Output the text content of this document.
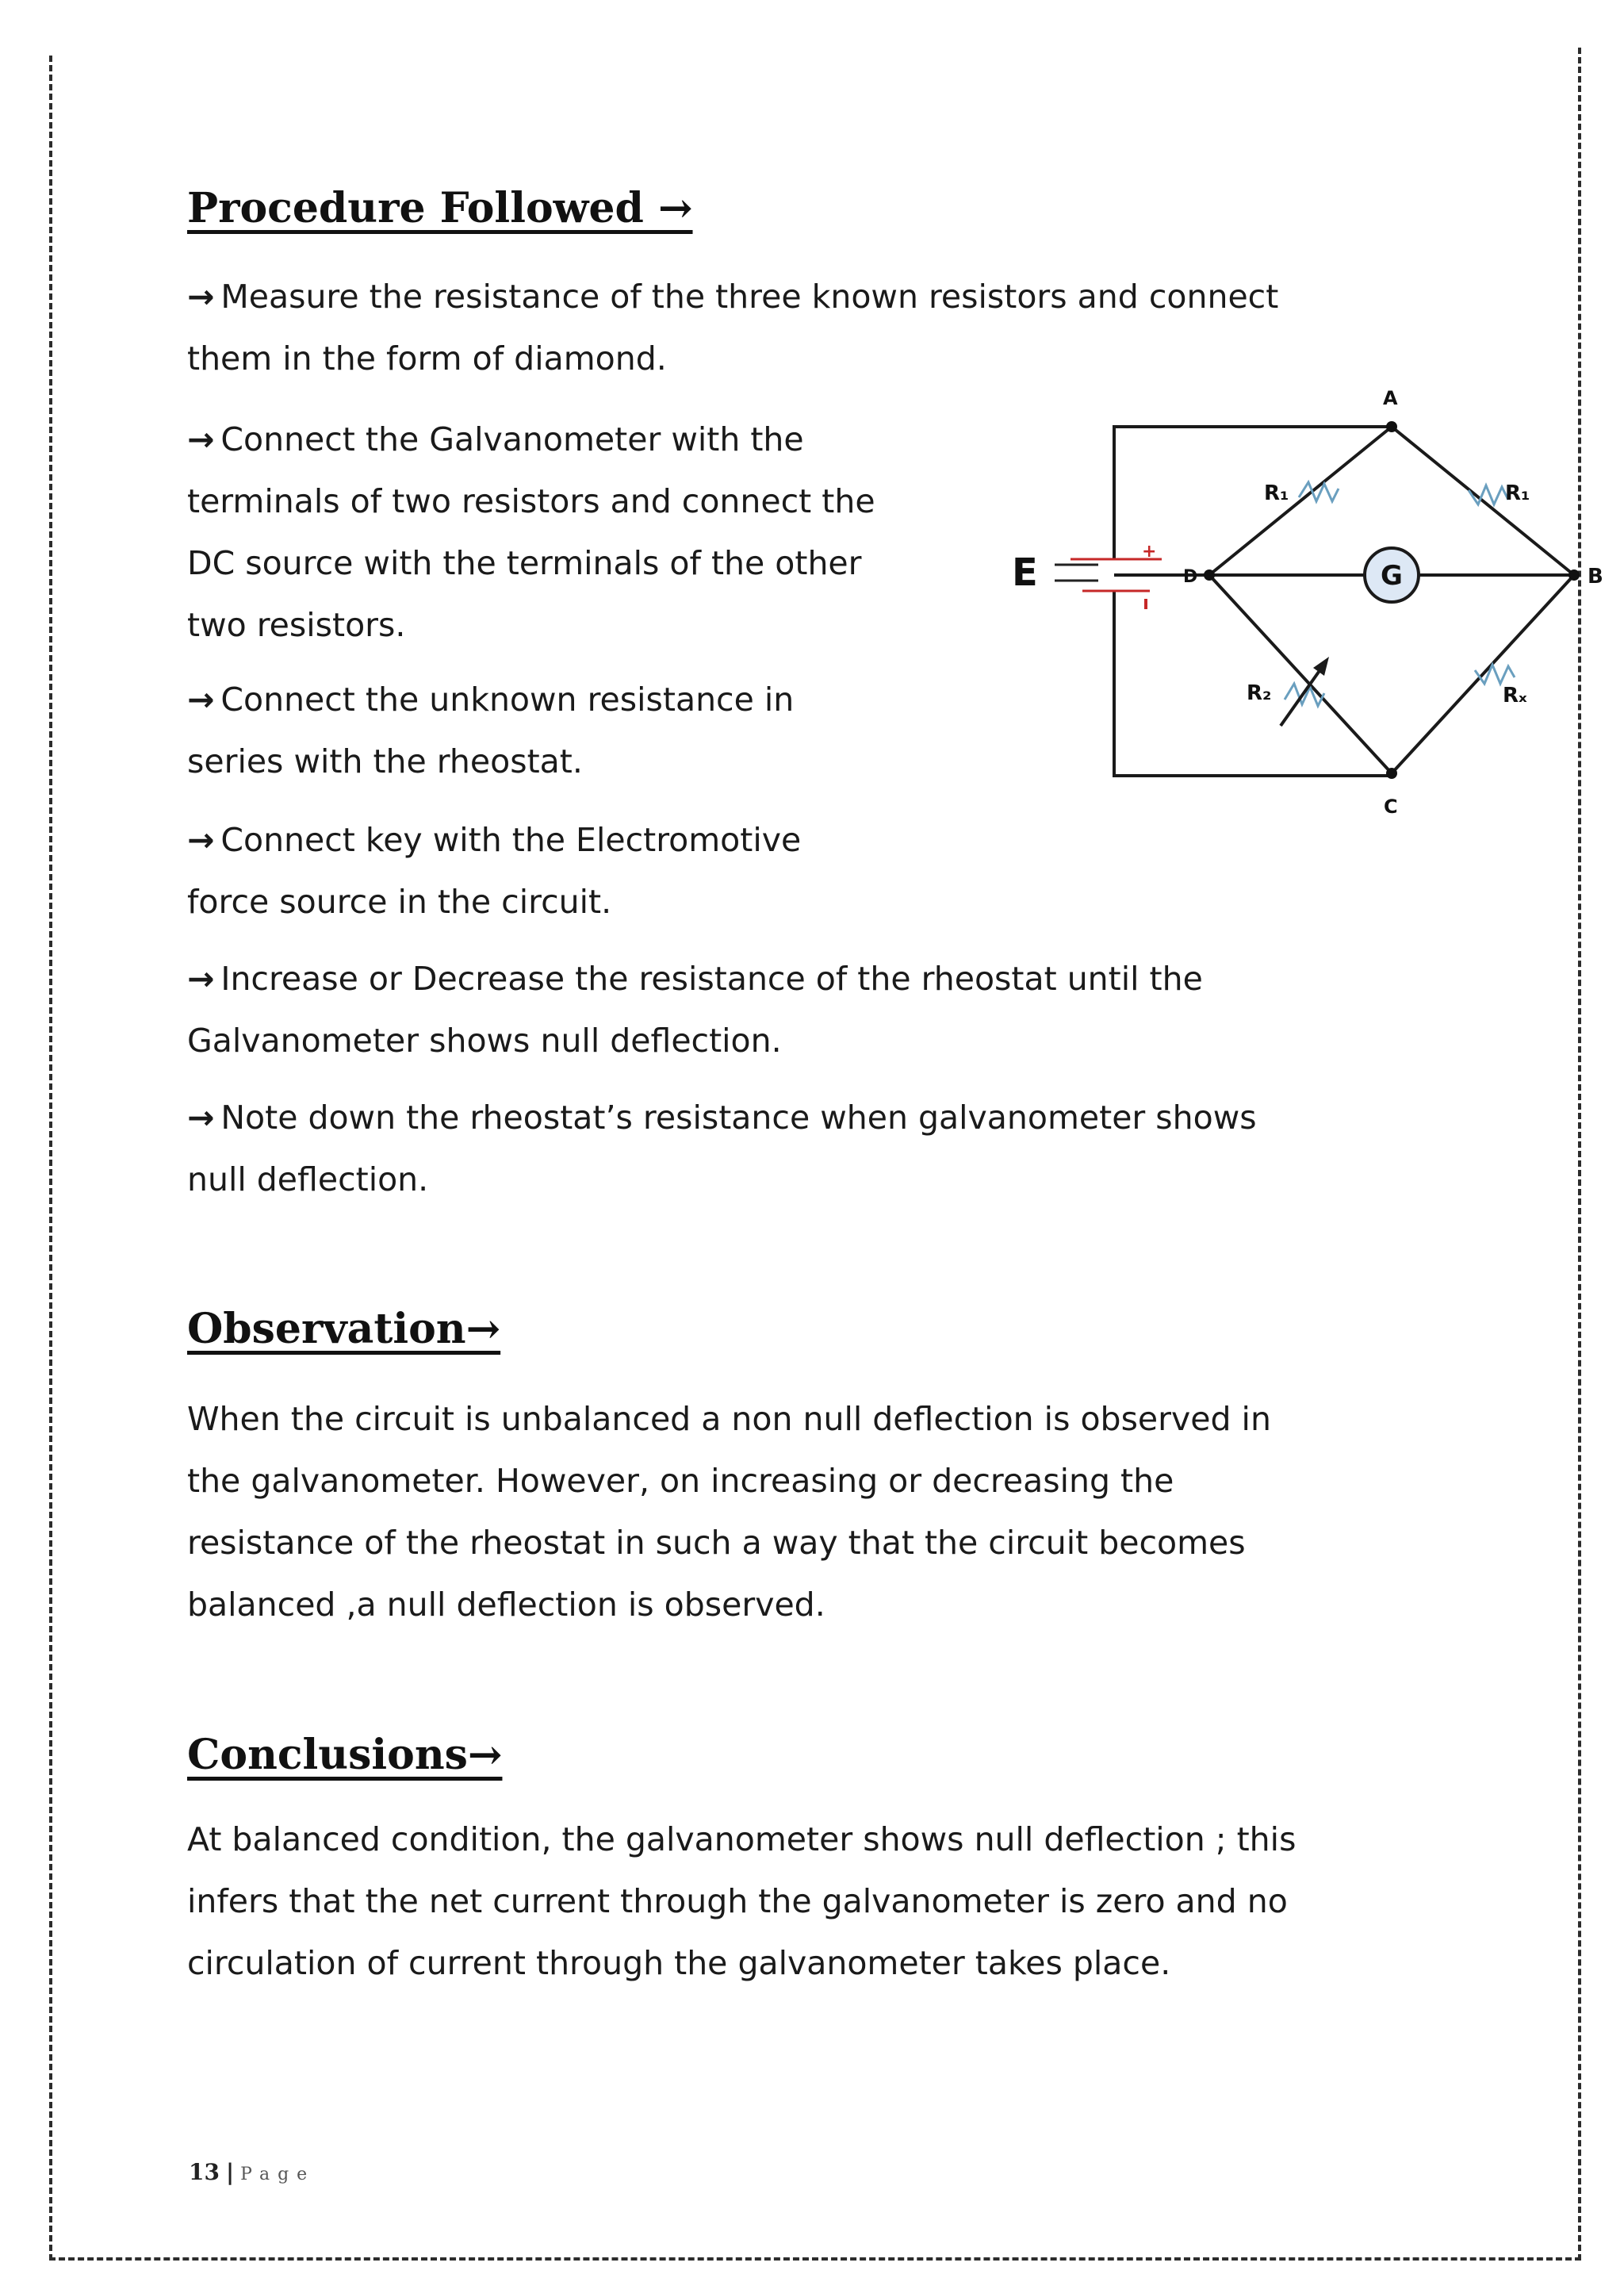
Procedure Followed →

→ Measure the resistance of the three known resistors and connect
them in the form of diamond.

→ Connect the Galvanometer with the
terminals of two resistors and connect the
DC source with the terminals of the other
two resistors.

→ Connect the unknown resistance in
series with the rheostat.

→ Connect key with the Electromotive
force source in the circuit.

→ Increase or Decrease the resistance of the rheostat until the
Galvanometer shows null deflection.

→ Note down the rheostat’s resistance when galvanometer shows
null deflection.

+
E	G
A
B
C
D
R₁	R₁
R₂	Rₓ
Observation→

When the circuit is unbalanced a non null deflection is observed in
the galvanometer. However, on increasing or decreasing the
resistance of the rheostat in such a way that the circuit becomes
balanced ,a null deflection is observed.

Conclusions→

At balanced condition, the galvanometer shows null deflection ; this
infers that the net current through the galvanometer is zero and no
circulation of current through the galvanometer takes place.

13 | Page
